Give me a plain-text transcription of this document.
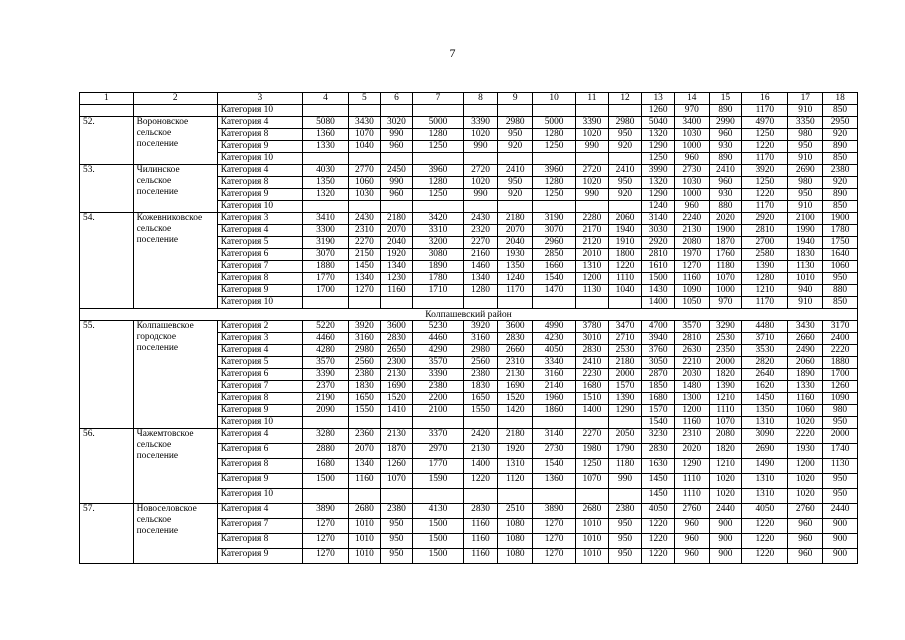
7
1	2	3	4	5	6	7	8	9	10	11	12	13	14	15	16	17	18
		Категория 10										1260	970	890	1170	910	850
52.	Вороновское сельское поселение	Категория 4	5080	3430	3020	5000	3390	2980	5000	3390	2980	5040	3400	2990	4970	3350	2950
		Категория 8	1360	1070	990	1280	1020	950	1280	1020	950	1320	1030	960	1250	980	920
		Категория 9	1330	1040	960	1250	990	920	1250	990	920	1290	1000	930	1220	950	890
		Категория 10										1250	960	890	1170	910	850
53.	Чилинское сельское поселение	Категория 4	4030	2770	2450	3960	2720	2410	3960	2720	2410	3990	2730	2410	3920	2690	2380
		Категория 8	1350	1060	990	1280	1020	950	1280	1020	950	1320	1030	960	1250	980	920
		Категория 9	1320	1030	960	1250	990	920	1250	990	920	1290	1000	930	1220	950	890
		Категория 10										1240	960	880	1170	910	850
54.	Кожевниковское сельское поселение	Категория 3	3410	2430	2180	3420	2430	2180	3190	2280	2060	3140	2240	2020	2920	2100	1900
		Категория 4	3300	2310	2070	3310	2320	2070	3070	2170	1940	3030	2130	1900	2810	1990	1780
		Категория 5	3190	2270	2040	3200	2270	2040	2960	2120	1910	2920	2080	1870	2700	1940	1750
		Категория 6	3070	2150	1920	3080	2160	1930	2850	2010	1800	2810	1970	1760	2580	1830	1640
		Категория 7	1880	1450	1340	1890	1460	1350	1660	1310	1220	1610	1270	1180	1390	1130	1060
		Категория 8	1770	1340	1230	1780	1340	1240	1540	1200	1110	1500	1160	1070	1280	1010	950
		Категория 9	1700	1270	1160	1710	1280	1170	1470	1130	1040	1430	1090	1000	1210	940	880
		Категория 10										1400	1050	970	1170	910	850
Колпашевский район																	
55.	Колпашевское городское поселение	Категория 2	5220	3920	3600	5230	3920	3600	4990	3780	3470	4700	3570	3290	4480	3430	3170
		Категория 3	4460	3160	2830	4460	3160	2830	4230	3010	2710	3940	2810	2530	3710	2660	2400
		Категория 4	4280	2980	2650	4290	2980	2660	4050	2830	2530	3760	2630	2350	3530	2490	2220
		Категория 5	3570	2560	2300	3570	2560	2310	3340	2410	2180	3050	2210	2000	2820	2060	1880
		Категория 6	3390	2380	2130	3390	2380	2130	3160	2230	2000	2870	2030	1820	2640	1890	1700
		Категория 7	2370	1830	1690	2380	1830	1690	2140	1680	1570	1850	1480	1390	1620	1330	1260
		Категория 8	2190	1650	1520	2200	1650	1520	1960	1510	1390	1680	1300	1210	1450	1160	1090
		Категория 9	2090	1550	1410	2100	1550	1420	1860	1400	1290	1570	1200	1110	1350	1060	980
		Категория 10										1540	1160	1070	1310	1020	950
56.	Чажемтовское сельское поселение	Категория 4	3280	2360	2130	3370	2420	2180	3140	2270	2050	3230	2310	2080	3090	2220	2000
		Категория 6	2880	2070	1870	2970	2130	1920	2730	1980	1790	2830	2020	1820	2690	1930	1740
		Категория 8	1680	1340	1260	1770	1400	1310	1540	1250	1180	1630	1290	1210	1490	1200	1130
		Категория 9	1500	1160	1070	1590	1220	1120	1360	1070	990	1450	1110	1020	1310	1020	950
		Категория 10										1450	1110	1020	1310	1020	950
57.	Новоселовское сельское поселение	Категория 4	3890	2680	2380	4130	2830	2510	3890	2680	2380	4050	2760	2440	4050	2760	2440
		Категория 7	1270	1010	950	1500	1160	1080	1270	1010	950	1220	960	900	1220	960	900
		Категория 8	1270	1010	950	1500	1160	1080	1270	1010	950	1220	960	900	1220	960	900
		Категория 9	1270	1010	950	1500	1160	1080	1270	1010	950	1220	960	900	1220	960	900
